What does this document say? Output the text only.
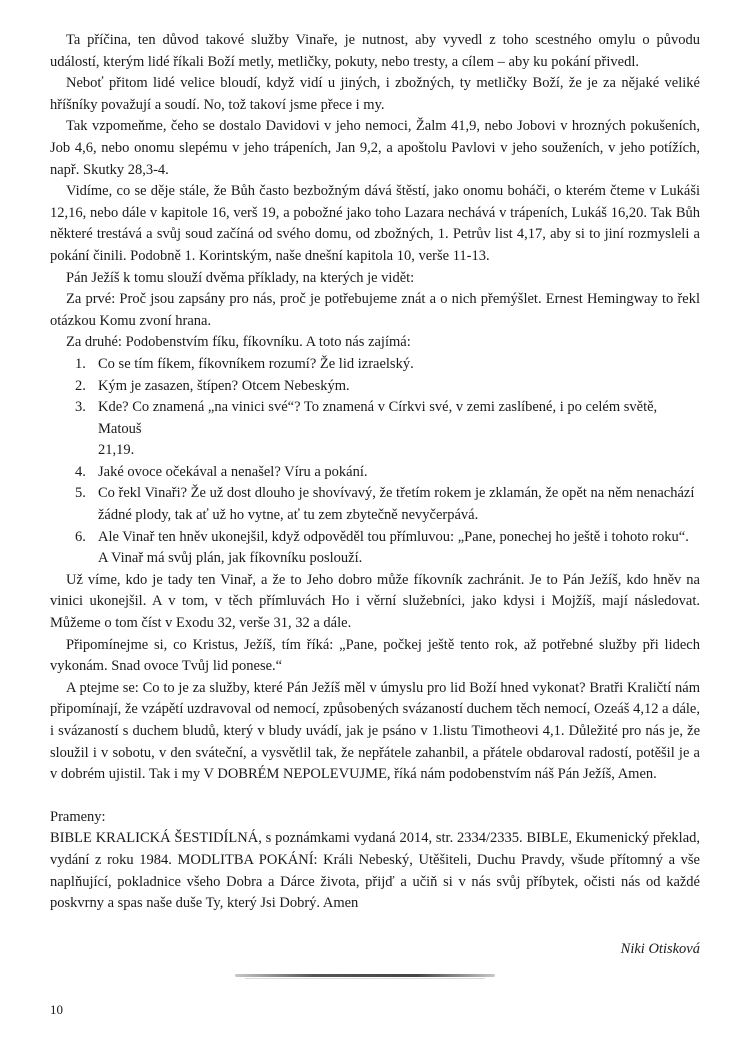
Ta příčina, ten důvod takové služby Vinaře, je nutnost, aby vyvedl z toho scestného omylu o původu událostí, kterým lidé říkali Boží metly, metličky, pokuty, nebo tresty, a cílem – aby ku pokání přivedl.

Neboť přitom lidé velice bloudí, když vidí u jiných, i zbožných, ty metličky Boží, že je za nějaké veliké hříšníky považují a soudí. No, tož takoví jsme přece i my.

Tak vzpomeňme, čeho se dostalo Davidovi v jeho nemoci, Žalm 41,9, nebo Jobovi v hrozných pokušeních, Job 4,6, nebo onomu slepému v jeho trápeních, Jan 9,2, a apoštolu Pavlovi v jeho souženích, v jeho potížích, např. Skutky 28,3-4.

Vidíme, co se děje stále, že Bůh často bezbožným dává štěstí, jako onomu boháči, o kterém čteme v Lukáši 12,16, nebo dále v kapitole 16, verš 19, a pobožné jako toho Lazara nechává v trápeních, Lukáš 16,20. Tak Bůh některé trestává a svůj soud začíná od svého domu, od zbožných, 1. Petrův list 4,17, aby si to jiní rozmysleli a pokání činili. Podobně 1. Korintským, naše dnešní kapitola 10, verše 11-13.

Pán Ježíš k tomu slouží dvěma příklady, na kterých je vidět:

Za prvé: Proč jsou zapsány pro nás, proč je potřebujeme znát a o nich přemýšlet. Ernest Hemingway to řekl otázkou Komu zvoní hrana.

Za druhé: Podobenstvím fíku, fíkovníku. A toto nás zajímá:

1. Co se tím fíkem, fíkovníkem rozumí? Že lid izraelský.
2. Kým je zasazen, štípen? Otcem Nebeským.
3. Kde? Co znamená „na vinici své“? To znamená v Církvi své, v zemi zaslíbené, i po celém světě, Matouš
21,19.
4. Jaké ovoce očekával a nenašel? Víru a pokání.
5. Co řekl Vinaři? Že už dost dlouho je shovívavý, že třetím rokem je zklamán, že opět na něm nenachází
žádné plody, tak ať už ho vytne, ať tu zem zbytečně nevyčerpává.
6. Ale Vinař ten hněv ukonejšil, když odpověděl tou přímluvou: „Pane, ponechej ho ještě i tohoto roku“.
A Vinař má svůj plán, jak fíkovníku poslouží.

Už víme, kdo je tady ten Vinař, a že to Jeho dobro může fíkovník zachránit. Je to Pán Ježíš, kdo hněv na vinici ukonejšil. A v tom, v těch přímluvách Ho i věrní služebníci, jako kdysi i Mojžíš, mají následovat. Můžeme o tom číst v Exodu 32, verše 31, 32 a dále.

Připomínejme si, co Kristus, Ježíš, tím říká: „Pane, počkej ještě tento rok, až potřebné služby při lidech vykonám. Snad ovoce Tvůj lid ponese.“

A ptejme se: Co to je za služby, které Pán Ježíš měl v úmyslu pro lid Boží hned vykonat? Bratři Kraličtí nám připomínají, že vzápětí uzdravoval od nemocí, způsobených svázaností duchem těch nemocí, Ozeáš 4,12 a dále, i svázaností s duchem bludů, který v bludy uvádí, jak je psáno v 1.listu Timotheovi 4,1. Důležité pro nás je, že sloužil i v sobotu, v den sváteční, a vysvětlil tak, že nepřátele zahanbil, a přátele obdaroval radostí, potěšil je a v dobrém ujistil. Tak i my V DOBRÉM NEPOLEVUJME, říká nám podobenstvím náš Pán Ježíš, Amen.

Prameny:
BIBLE KRALICKÁ ŠESTIDÍLNÁ, s poznámkami vydaná 2014, str. 2334/2335. BIBLE, Ekumenický překlad, vydání z roku 1984. MODLITBA POKÁNÍ: Králi Nebeský, Utěšiteli, Duchu Pravdy, všude přítomný a vše naplňující, pokladnice všeho Dobra a Dárce života, přijď a učiň si v nás svůj příbytek, očisti nás od každé poskvrny a spas naše duše Ty, který Jsi Dobrý. Amen
Niki Otisková
10
